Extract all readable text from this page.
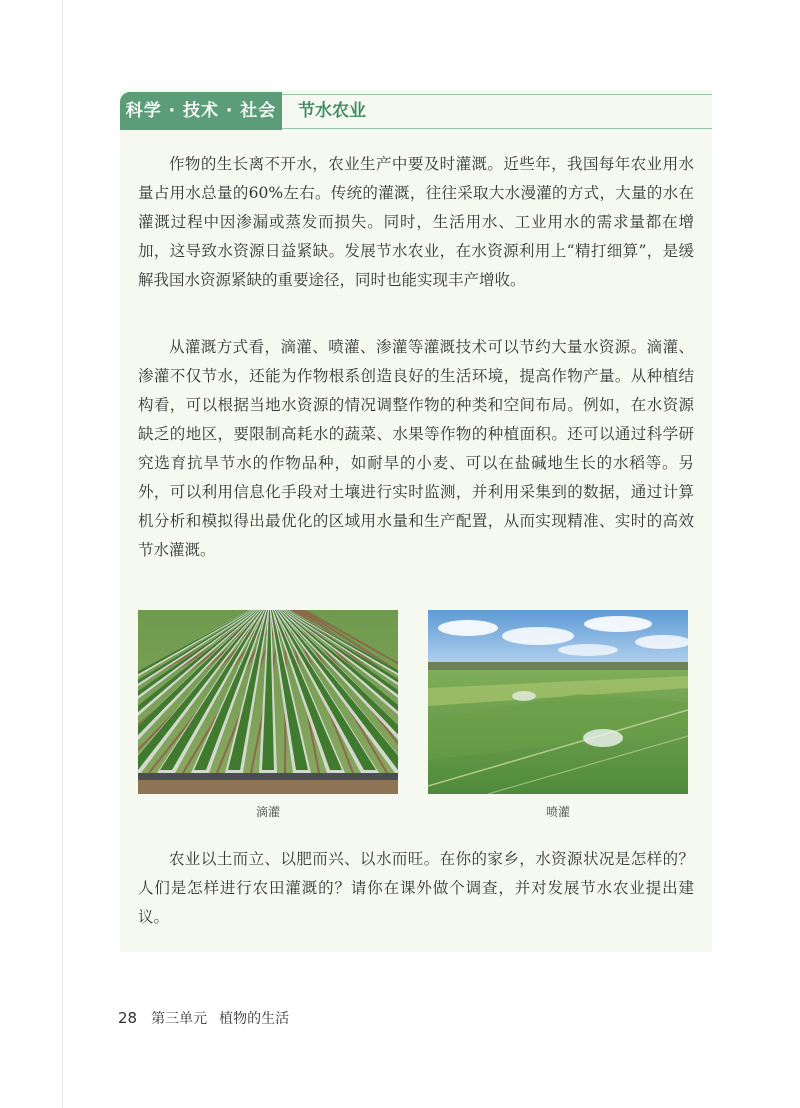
科学 · 技术 · 社会	节水农业

作物的生长离不开水，农业生产中要及时灌溉。近些年，我国每年农业用水量占用水总量的60%左右。传统的灌溉，往往采取大水漫灌的方式，大量的水在灌溉过程中因渗漏或蒸发而损失。同时，生活用水、工业用水的需求量都在增加，这导致水资源日益紧缺。发展节水农业，在水资源利用上“精打细算”，是缓解我国水资源紧缺的重要途径，同时也能实现丰产增收。

从灌溉方式看，滴灌、喷灌、渗灌等灌溉技术可以节约大量水资源。滴灌、渗灌不仅节水，还能为作物根系创造良好的生活环境，提高作物产量。从种植结构看，可以根据当地水资源的情况调整作物的种类和空间布局。例如，在水资源缺乏的地区，要限制高耗水的蔬菜、水果等作物的种植面积。还可以通过科学研究选育抗旱节水的作物品种，如耐旱的小麦、可以在盐碱地生长的水稻等。另外，可以利用信息化手段对土壤进行实时监测，并利用采集到的数据，通过计算机分析和模拟得出最优化的区域用水量和生产配置，从而实现精准、实时的高效节水灌溉。

滴灌	喷灌

农业以土而立、以肥而兴、以水而旺。在你的家乡，水资源状况是怎样的？人们是怎样进行农田灌溉的？请你在课外做个调查，并对发展节水农业提出建议。

28 第三单元 植物的生活
